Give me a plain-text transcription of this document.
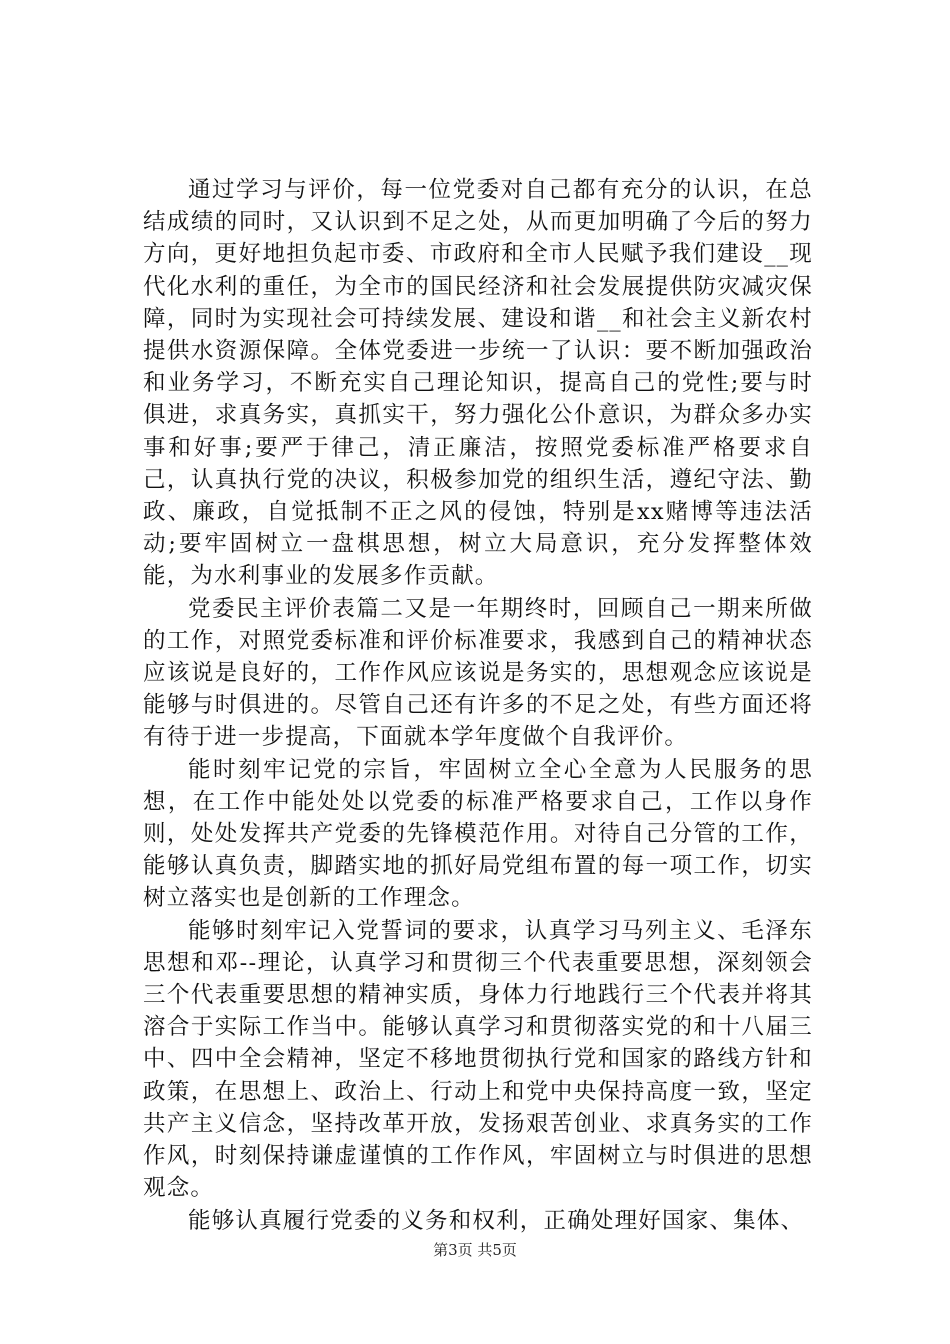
通过学习与评价，每一位党委对自己都有充分的认识，在总结成绩的同时，又认识到不足之处，从而更加明确了今后的努力方向，更好地担负起市委、市政府和全市人民赋予我们建设__现代化水利的重任，为全市的国民经济和社会发展提供防灾减灾保障，同时为实现社会可持续发展、建设和谐__和社会主义新农村提供水资源保障。全体党委进一步统一了认识：要不断加强政治和业务学习，不断充实自己理论知识，提高自己的党性;要与时俱进，求真务实，真抓实干，努力强化公仆意识，为群众多办实事和好事;要严于律己，清正廉洁，按照党委标准严格要求自己，认真执行党的决议，积极参加党的组织生活，遵纪守法、勤政、廉政，自觉抵制不正之风的侵蚀，特别是xx赌博等违法活动;要牢固树立一盘棋思想，树立大局意识，充分发挥整体效能，为水利事业的发展多作贡献。

党委民主评价表篇二又是一年期终时，回顾自己一期来所做的工作，对照党委标准和评价标准要求，我感到自己的精神状态应该说是良好的，工作作风应该说是务实的，思想观念应该说是能够与时俱进的。尽管自己还有许多的不足之处，有些方面还将有待于进一步提高，下面就本学年度做个自我评价。

能时刻牢记党的宗旨，牢固树立全心全意为人民服务的思想，在工作中能处处以党委的标准严格要求自己，工作以身作则，处处发挥共产党委的先锋模范作用。对待自己分管的工作，能够认真负责，脚踏实地的抓好局党组布置的每一项工作，切实树立落实也是创新的工作理念。

能够时刻牢记入党誓词的要求，认真学习马列主义、毛泽东思想和邓--理论，认真学习和贯彻三个代表重要思想，深刻领会三个代表重要思想的精神实质，身体力行地践行三个代表并将其溶合于实际工作当中。能够认真学习和贯彻落实党的和十八届三中、四中全会精神，坚定不移地贯彻执行党和国家的路线方针和政策，在思想上、政治上、行动上和党中央保持高度一致，坚定共产主义信念，坚持改革开放，发扬艰苦创业、求真务实的工作作风，时刻保持谦虚谨慎的工作作风，牢固树立与时俱进的思想观念。

能够认真履行党委的义务和权利，正确处理好国家、集体、

第3页 共5页
